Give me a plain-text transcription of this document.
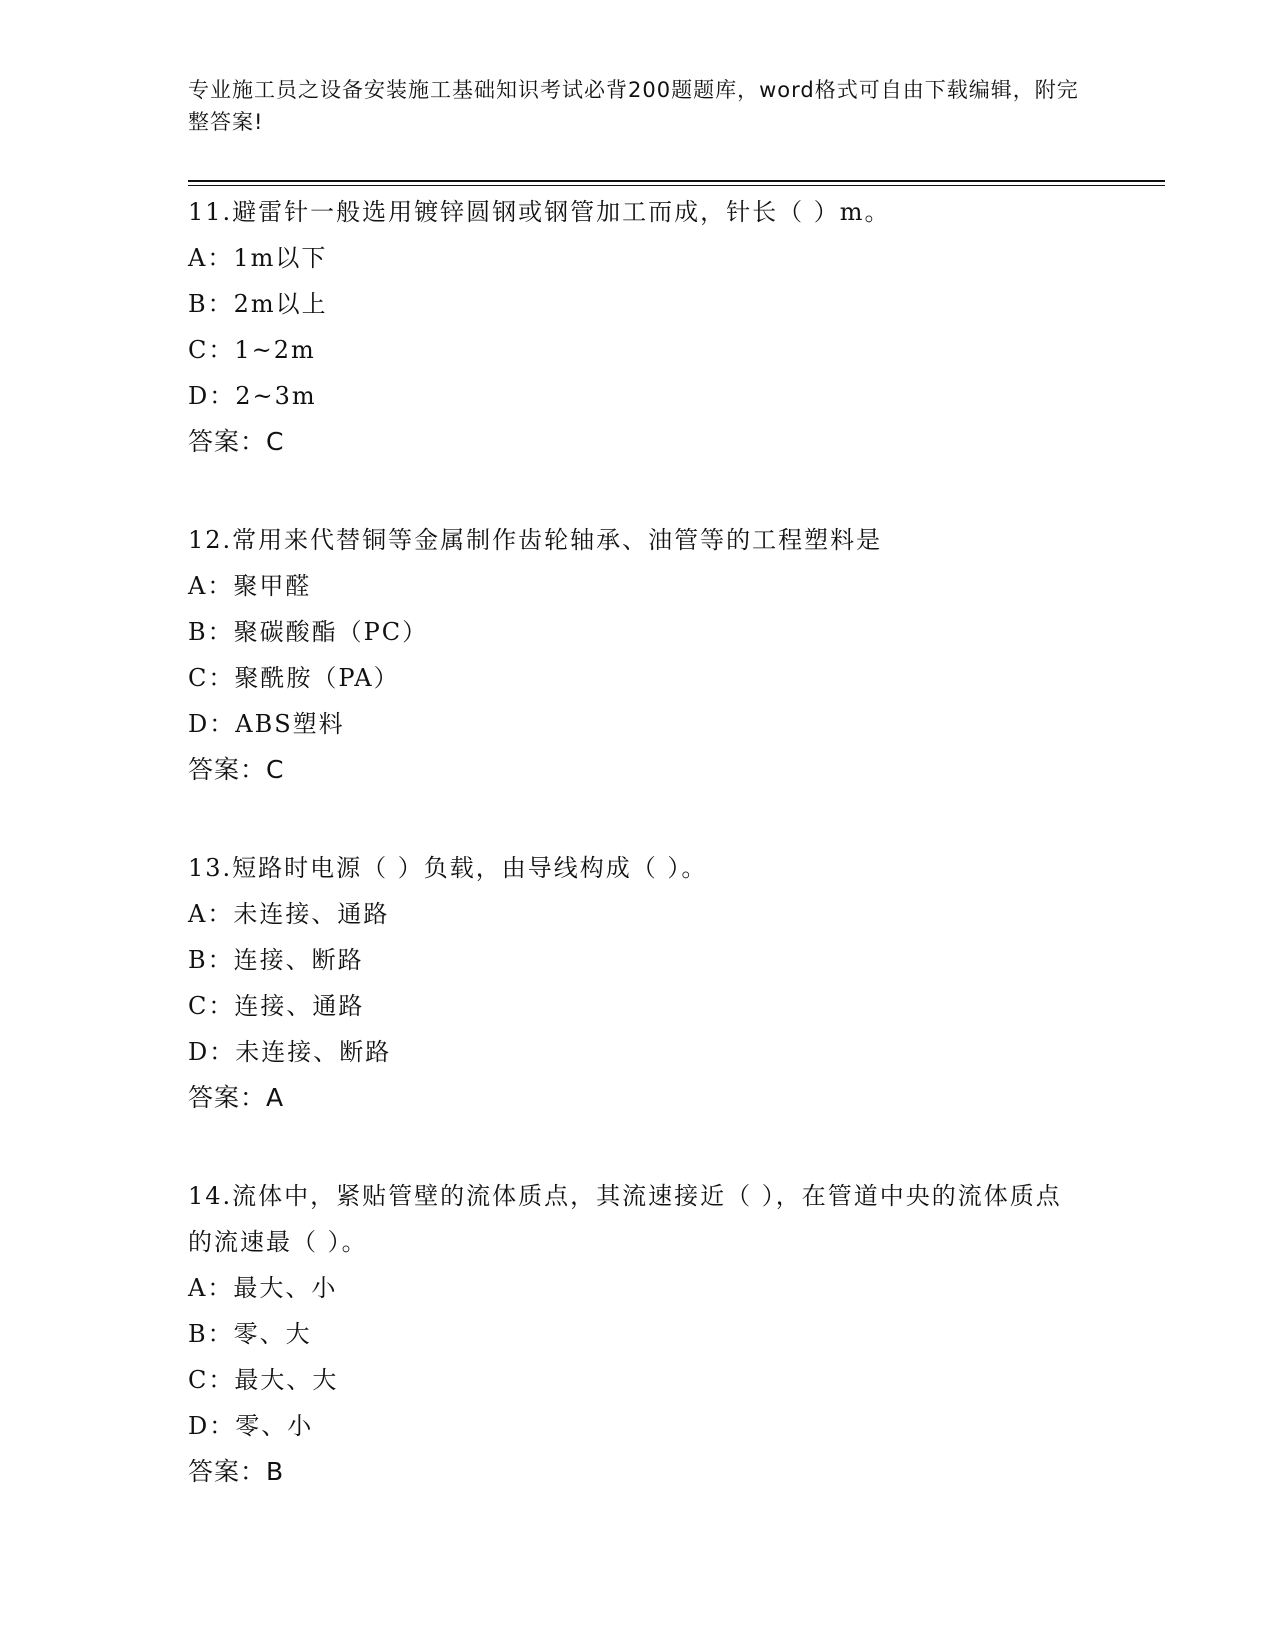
专业施工员之设备安装施工基础知识考试必背200题题库，word格式可自由下载编辑，附完整答案!
11.避雷针一般选用镀锌圆钢或钢管加工而成，针长（ ）m。
A：1m以下
B：2m以上
C：1~2m
D：2~3m
答案：C
12.常用来代替铜等金属制作齿轮轴承、油管等的工程塑料是
A：聚甲醛
B：聚碳酸酯（PC）
C：聚酰胺（PA）
D：ABS塑料
答案：C
13.短路时电源（ ）负载，由导线构成（ ）。
A：未连接、通路
B：连接、断路
C：连接、通路
D：未连接、断路
答案：A
14.流体中，紧贴管壁的流体质点，其流速接近（ ），在管道中央的流体质点的流速最（ ）。
A：最大、小
B：零、大
C：最大、大
D：零、小
答案：B
